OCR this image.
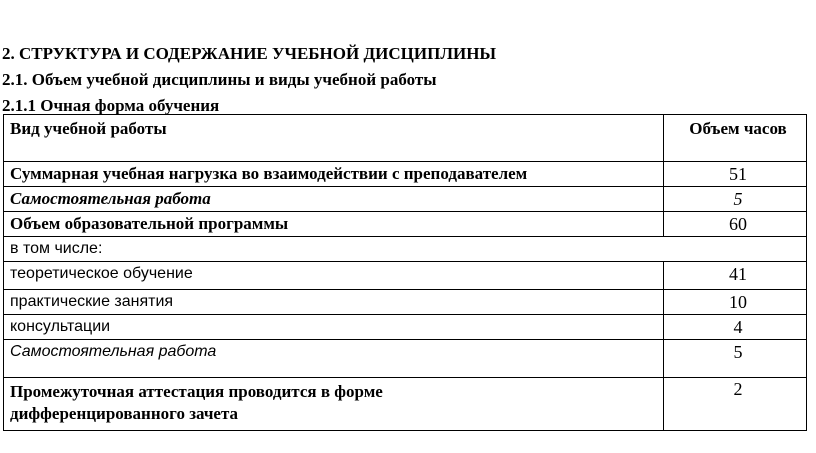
2. СТРУКТУРА И СОДЕРЖАНИЕ УЧЕБНОЙ ДИСЦИПЛИНЫ
2.1. Объем учебной дисциплины и виды учебной работы
2.1.1 Очная форма обучения
Вид учебной работы	Объем часов
Суммарная учебная нагрузка во взаимодействии с преподавателем	51
Самостоятельная работа	5
Объем образовательной программы	60
в том числе:	
теоретическое обучение	41
практические занятия	10
консультации	4
Самостоятельная работа	5
Промежуточная аттестация проводится в форме дифференцированного зачета	2
